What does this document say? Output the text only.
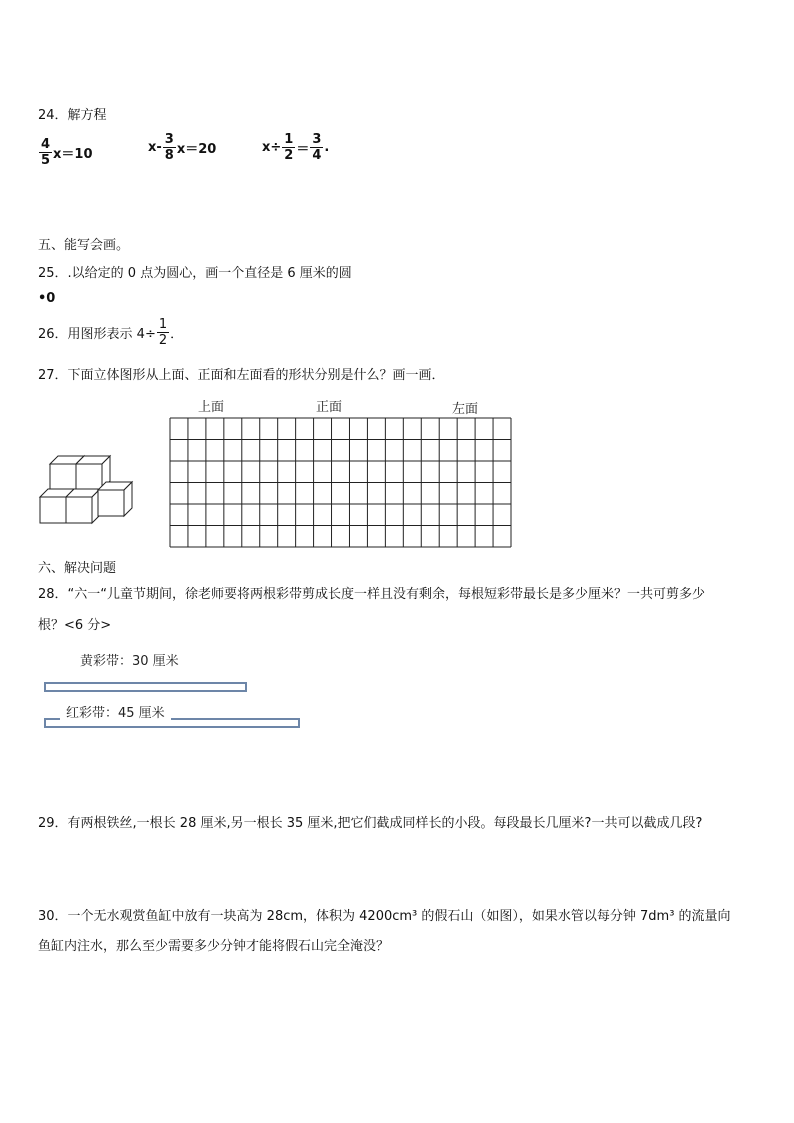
24．解方程
$\frac{4}{5} x=10$	$x- \frac{3}{8} x=20$	$x\div \frac{1}{2} = \frac{3}{4}$ .
五、能写会画。
25．.以给定的 0 点为圆心，画一个直径是 6 厘米的圆
•0
26．用图形表示 $4\div \frac{1}{2}$ ．
27．下面立体图形从上面、正面和左面看的形状分别是什么？画一画．
上面	正面	左面
六、解决问题
28．“六一“儿童节期间，徐老师要将两根彩带剪成长度一样且没有剩余，每根短彩带最长是多少厘米？一共可剪多少
根？<6 分>
黄彩带：30 厘米
红彩带：45 厘米
29．有两根铁丝,一根长 28 厘米,另一根长 35 厘米,把它们截成同样长的小段。每段最长几厘米?一共可以截成几段?
30．一个无水观赏鱼缸中放有一块高为 28cm，体积为 4200cm³ 的假石山（如图），如果水管以每分钟 7dm³ 的流量向
鱼缸内注水，那么至少需要多少分钟才能将假石山完全淹没？
